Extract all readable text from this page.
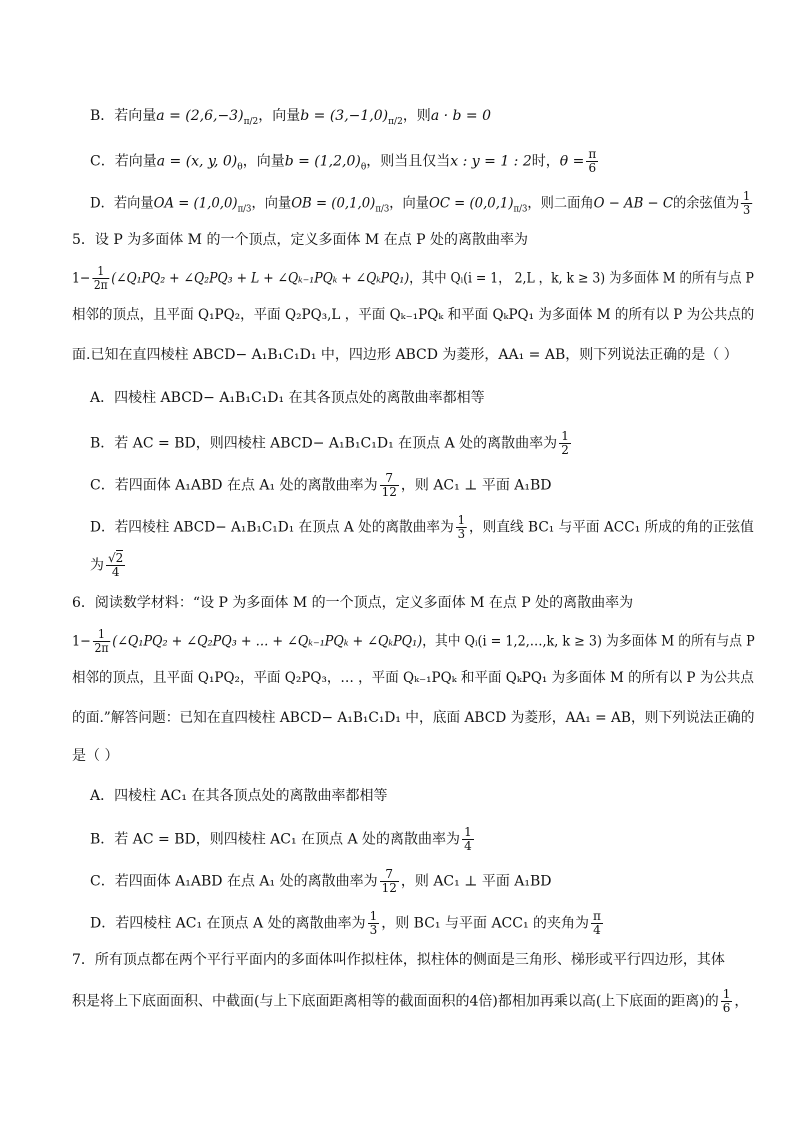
B．若向量$a = (2,6,-3)_{\pi/2}$，向量$b = (3,-1,0)_{\pi/2}$，则a · b = 0
C．若向量a = (x, y, $0)_\theta$，向量$b = (1,2,0)_\theta$，则当且仅当x : y = 1 : 2时，$\theta = \frac{\pi}{6}$
D．若向量OA = $(1,0,0)_{\pi/3}$，向量OB = $(0,1,0)_{\pi/3}$，向量OC = $(0,0,1)_{\pi/3}$，则二面角O − AB − C的余弦值为 $\frac{1}{3}$
5．设 P 为多面体 M 的一个顶点，定义多面体 M 在点 P 处的离散曲率为
$1- \frac{1}{2\pi}$ (∠Q₁PQ₂ + ∠Q₂PQ₃ + L + ∠Qₖ₋₁PQₖ + ∠QₖPQ₁)，其中 Qᵢ(i = 1， 2,L ，k, k ≥ 3) 为多面体 M 的所有与点 P
相邻的顶点，且平面 Q₁PQ₂，平面 Q₂PQ₃,L ，平面 Qₖ₋₁PQₖ 和平面 QₖPQ₁ 为多面体 M 的所有以 P 为公共点的
面.已知在直四棱柱 ABCD− A₁B₁C₁D₁ 中，四边形 ABCD 为菱形，AA₁ = AB，则下列说法正确的是（ ）
A．四棱柱 ABCD− A₁B₁C₁D₁ 在其各顶点处的离散曲率都相等
B．若 AC = BD，则四棱柱 ABCD− A₁B₁C₁D₁ 在顶点 A 处的离散曲率为 $\frac{1}{2}$
C．若四面体 A₁ABD 在点 A₁ 处的离散曲率为 $\frac{7}{12}$ ，则 AC₁ ⊥ 平面 A₁BD
D．若四棱柱 ABCD− A₁B₁C₁D₁ 在顶点 A 处的离散曲率为 $\frac{1}{3}$ ，则直线 BC₁ 与平面 ACC₁ 所成的角的正弦值
为 $\frac{√2}{4}$
6．阅读数学材料：“设 P 为多面体 M 的一个顶点，定义多面体 M 在点 P 处的离散曲率为
$1- \frac{1}{2\pi}$ (∠Q₁PQ₂ + ∠Q₂PQ₃ + … + ∠Qₖ₋₁PQₖ + ∠QₖPQ₁)，其中 Qᵢ(i = 1,2,…,k, k ≥ 3) 为多面体 M 的所有与点 P
相邻的顶点，且平面 Q₁PQ₂，平面 Q₂PQ₃，… ，平面 Qₖ₋₁PQₖ 和平面 QₖPQ₁ 为多面体 M 的所有以 P 为公共点
的面.”解答问题：已知在直四棱柱 ABCD− A₁B₁C₁D₁ 中，底面 ABCD 为菱形，AA₁ = AB，则下列说法正确的
是（ ）
A．四棱柱 AC₁ 在其各顶点处的离散曲率都相等
B．若 AC = BD，则四棱柱 AC₁ 在顶点 A 处的离散曲率为 $\frac{1}{4}$
C．若四面体 A₁ABD 在点 A₁ 处的离散曲率为 $\frac{7}{12}$ ，则 AC₁ ⊥ 平面 A₁BD
D．若四棱柱 AC₁ 在顶点 A 处的离散曲率为 $\frac{1}{3}$ ，则 BC₁ 与平面 ACC₁ 的夹角为 $\frac{\pi}{4}$
7．所有顶点都在两个平行平面内的多面体叫作拟柱体，拟柱体的侧面是三角形、梯形或平行四边形，其体
积是将上下底面面积、中截面(与上下底面距离相等的截面面积的4倍)都相加再乘以高(上下底面的距离)的 $\frac{1}{6}$ ，
